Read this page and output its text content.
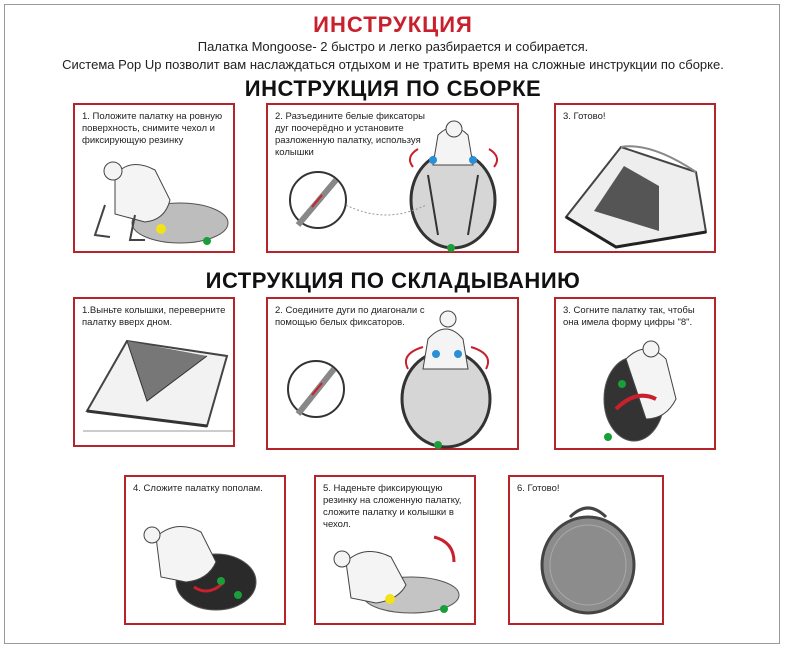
ИНСТРУКЦИЯ
Палатка Mongoose- 2 быстро и легко разбирается и собирается.
Система Pop Up позволит вам наслаждаться отдыхом и не тратить время на сложные инструкции по сборке.
ИНСТРУКЦИЯ ПО СБОРКЕ
1. Положите палатку на ровную поверхность, снимите чехол и фиксирующую резинку
2. Разъедините белые фиксаторы дуг поочерёдно и установите разложенную палатку, используя колышки
3. Готово!
ИСТРУКЦИЯ ПО СКЛАДЫВАНИЮ
1.Выньте колышки, переверните палатку вверх дном.
2. Соедините дуги по диагонали с помощью белых фиксаторов.
3. Согните палатку так, чтобы она имела форму цифры "8".
4. Сложите палатку пополам.	5. Наденьте фиксирующую резинку на сложенную палатку, сложите палатку и колышки в чехол.
6. Готово!
